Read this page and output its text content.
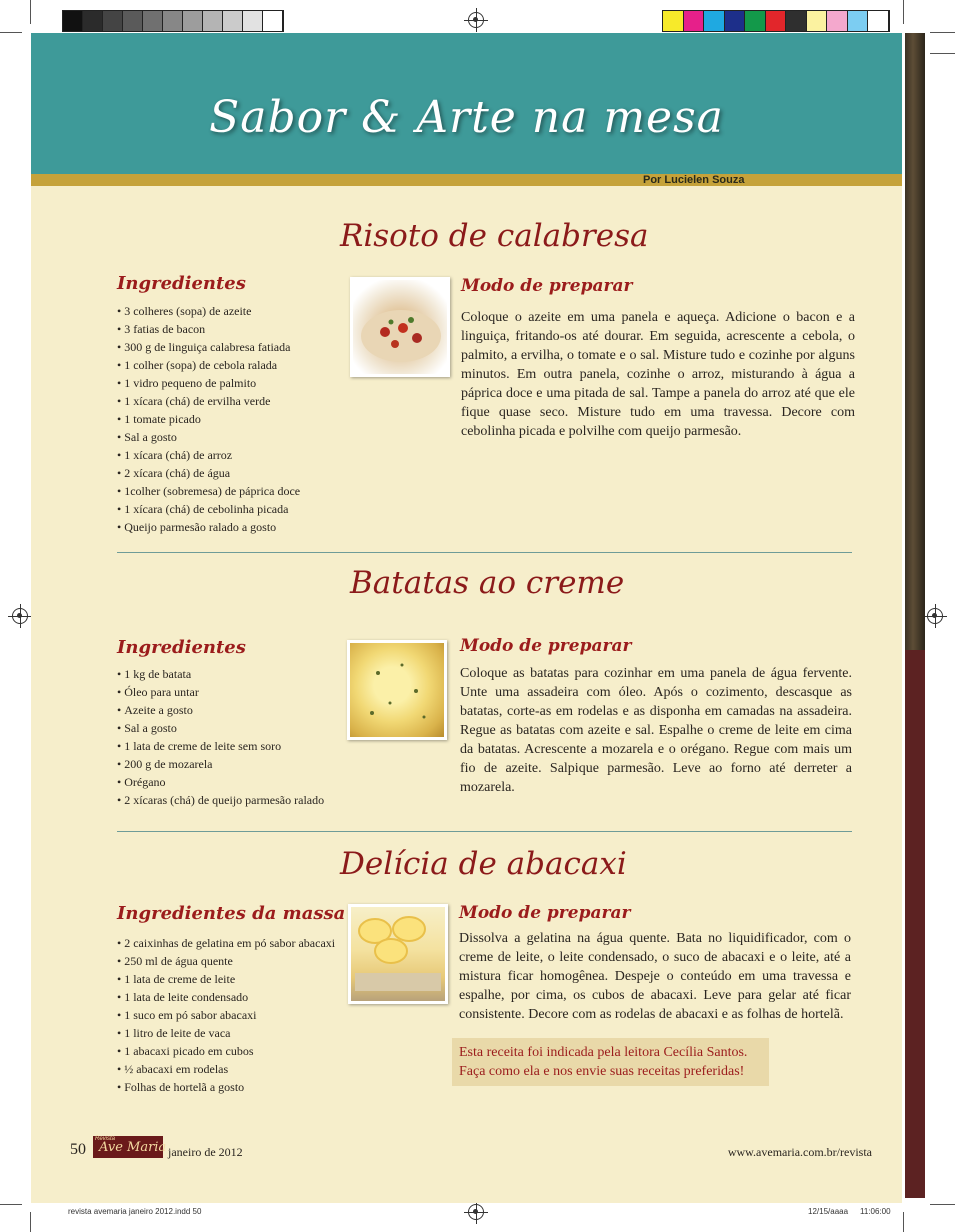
Sabor & Arte na mesa
Por Lucielen Souza
Risoto de calabresa
Ingredientes
• 3 colheres (sopa) de azeite
• 3 fatias de bacon
• 300 g de linguiça calabresa fatiada
• 1 colher (sopa) de cebola ralada
• 1 vidro pequeno de palmito
• 1 xícara (chá) de ervilha verde
• 1 tomate picado
• Sal a gosto
• 1 xícara (chá) de arroz
• 2 xícara (chá) de água
• 1colher (sobremesa) de páprica doce
• 1 xícara (chá) de cebolinha picada
• Queijo parmesão ralado a gosto
Modo de preparar

Coloque o azeite em uma panela e aqueça. Adicione o bacon e a linguiça, fritando-os até dourar. Em seguida, acrescente a cebola, o palmito, a ervilha, o tomate e o sal. Misture tudo e cozinhe por alguns minutos. Em outra panela, cozinhe o arroz, misturando à água a páprica doce e uma pitada de sal. Tampe a panela do arroz até que ele fique quase seco. Misture tudo em uma travessa. Decore com cebolinha picada e polvilhe com queijo parmesão.

Batatas ao creme
Ingredientes
• 1 kg de batata
• Óleo para untar
• Azeite a gosto
• Sal a gosto
• 1 lata de creme de leite sem soro
• 200 g de mozarela
• Orégano
• 2 xícaras (chá) de queijo parmesão ralado
Modo de preparar

Coloque as batatas para cozinhar em uma panela de água fervente. Unte uma assadeira com óleo. Após o cozimento, descasque as batatas, corte-as em rodelas e as disponha em camadas na assadeira. Regue as batatas com azeite e sal. Espalhe o creme de leite em cima da batatas. Acrescente a mozarela e o orégano. Regue com mais um fio de azeite. Salpique parmesão. Leve ao forno até derreter a mozarela.

Delícia de abacaxi
Ingredientes da massa
• 2 caixinhas de gelatina em pó sabor abacaxi
• 250 ml de água quente
• 1 lata de creme de leite
• 1 lata de leite condensado
• 1 suco em pó sabor abacaxi
• 1 litro de leite de vaca
• 1 abacaxi picado em cubos
• ½ abacaxi em rodelas
• Folhas de hortelã a gosto
Modo de preparar

Dissolva a gelatina na água quente. Bata no liquidificador, com o creme de leite, o leite condensado, o suco de abacaxi e o leite, até a mistura ficar homogênea. Despeje o conteúdo em uma travessa e espalhe, por cima, os cubos de abacaxi. Leve para gelar até ficar consistente. Decore com as rodelas de abacaxi e as folhas de hortelã.

Esta receita foi indicada pela leitora Cecília Santos.
Faça como ela e nos envie suas receitas preferidas!
50
Revista
Ave Maria janeiro de 2012	www.avemaria.com.br/revista
revista avemaria janeiro 2012.indd 50	12/15/aaaa 11:06:00
